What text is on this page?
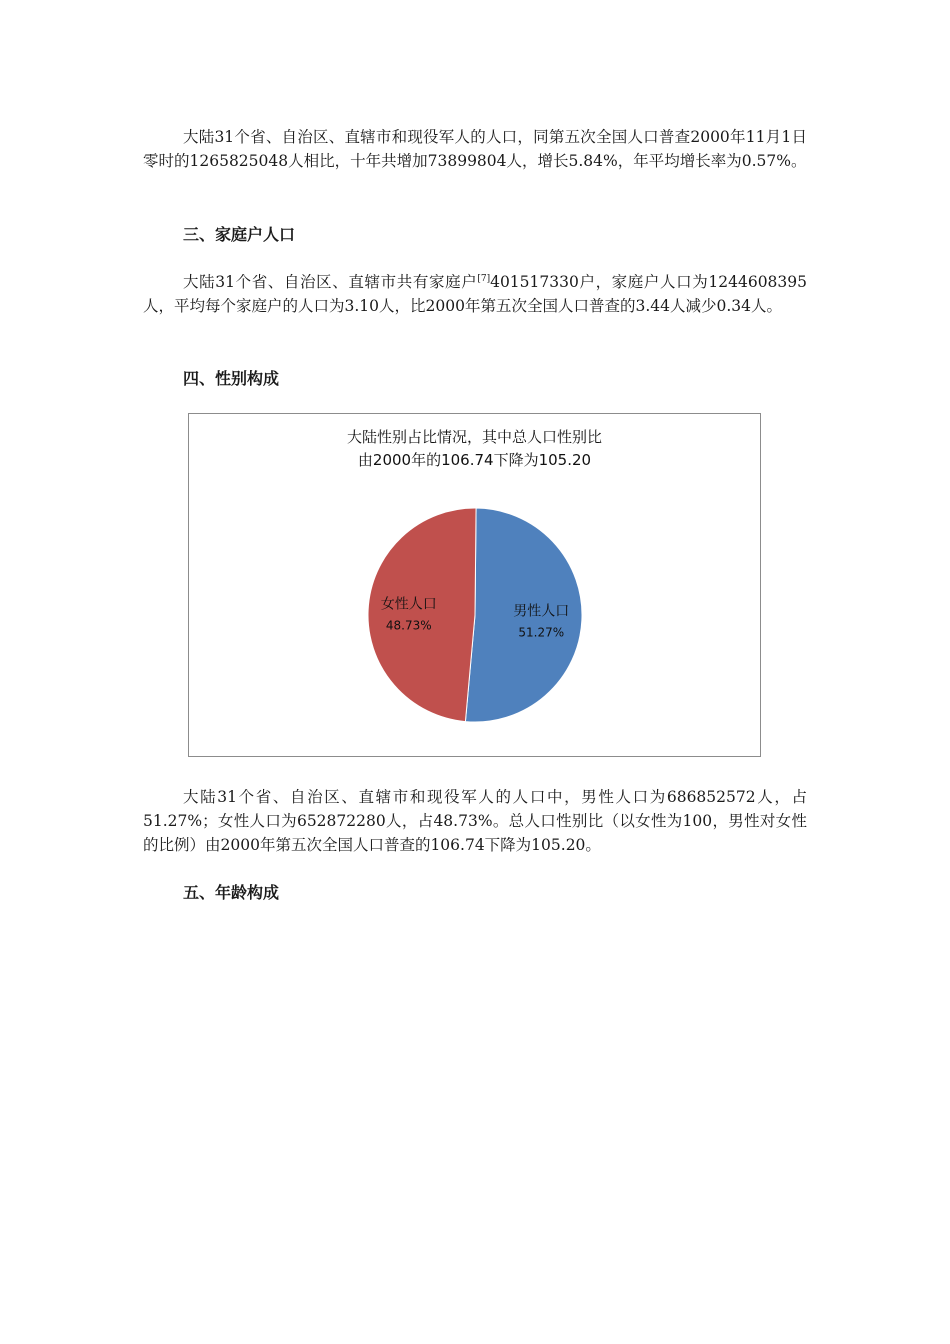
大陆31个省、自治区、直辖市和现役军人的人口，同第五次全国人口普查2000年11月1日零时的1265825048人相比，十年共增加73899804人，增长5.84%，年平均增长率为0.57%。

三、家庭户人口

大陆31个省、自治区、直辖市共有家庭户[7]401517330户，家庭户人口为1244608395人，平均每个家庭户的人口为3.10人，比2000年第五次全国人口普查的3.44人减少0.34人。

四、性别构成
大陆性别占比情况，其中总人口性别比
由2000年的106.74下降为105.20
男性人口
51.27%
女性人口
48.73%

大陆31个省、自治区、直辖市和现役军人的人口中，男性人口为686852572人，占51.27%；女性人口为652872280人，占48.73%。总人口性别比（以女性为100，男性对女性的比例）由2000年第五次全国人口普查的106.74下降为105.20。

五、年龄构成
